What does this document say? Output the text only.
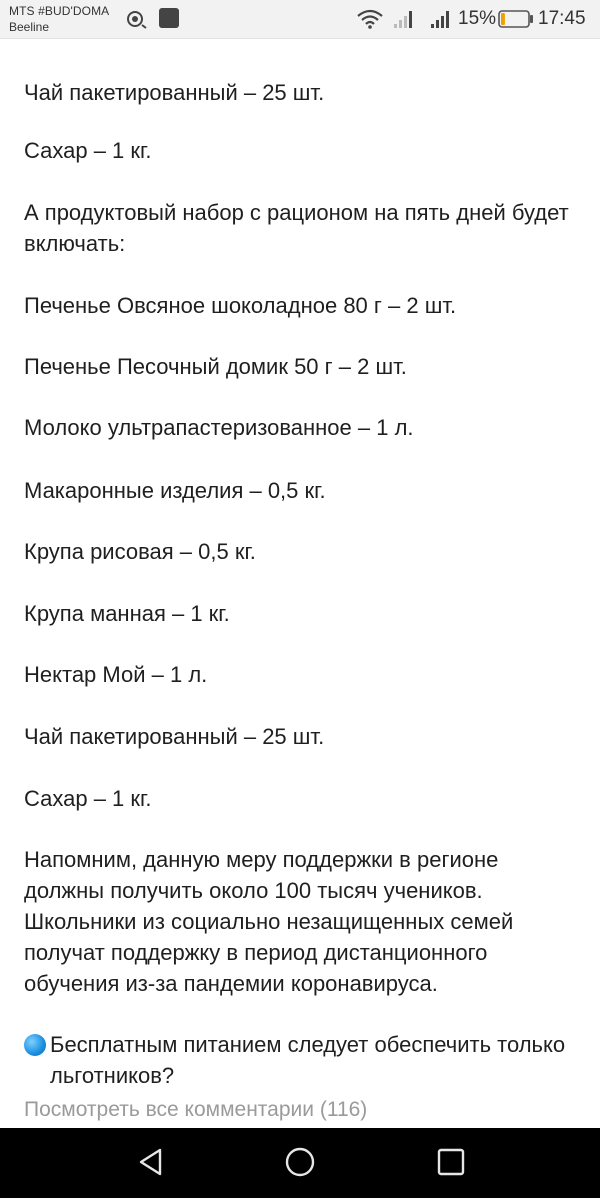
MTS #BUD'DOMA
Beeline	15% 17:45

Чай пакетированный – 25 шт.

Сахар – 1 кг.

А продуктовый набор с рационом на пять дней будет включать:

Печенье Овсяное шоколадное 80 г – 2 шт.

Печенье Песочный домик 50 г – 2 шт.

Молоко ультрапастеризованное – 1 л.

Макаронные изделия – 0,5 кг.

Крупа рисовая – 0,5 кг.

Крупа манная – 1 кг.

Нектар Мой – 1 л.

Чай пакетированный – 25 шт.

Сахар – 1 кг.

Напомним, данную меру поддержки в регионе должны получить около 100 тысяч учеников. Школьники из социально незащищенных семей получат поддержку в период дистанционного обучения из-за пандемии коронавируса.

Бесплатным питанием следует обеспечить только льготников?

Посмотреть все комментарии (116)
